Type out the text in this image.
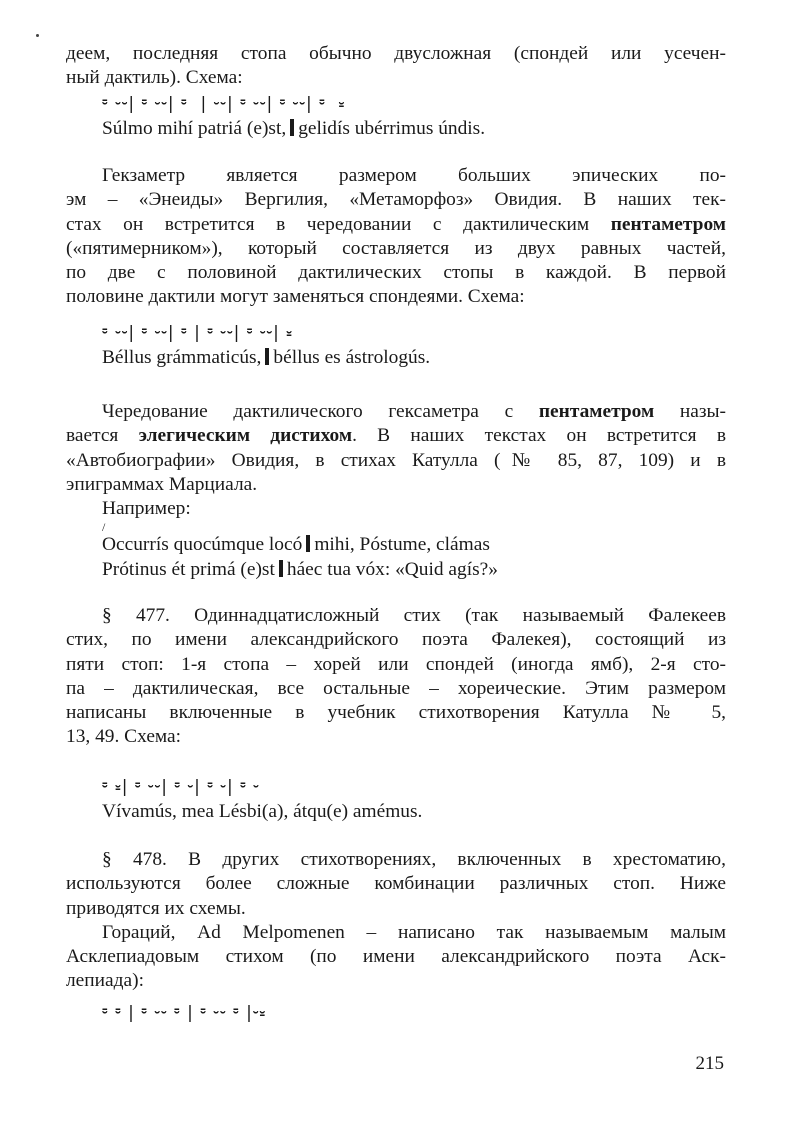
деем, последняя стопа обычно двусложная (спондей или усечен-

ный дактиль). Схема:

⏒ ⏑⏑| ⏒ ⏑⏑| ⏒  | ⏑⏑| ⏒ ⏑⏑| ⏒ ⏑⏑| ⏒  ⏓

Súlmo mihí patriá (e)st, gelidís ubérrimus úndis.

Гекзаметр является размером больших эпических по-

эм – «Энеиды» Вергилия, «Метаморфоз» Овидия. В наших тек-

стах он встретится в чередовании с дактилическим пентаметром

(«пятимерником»), который составляется из двух равных частей,

по две с половиной дактилических стопы в каждой. В первой

половине дактили могут заменяться спондеями. Схема:

⏒ ⏑⏑| ⏒ ⏑⏑| ⏒ | ⏒ ⏑⏑| ⏒ ⏑⏑| ⏓

Béllus grámmaticús, béllus es ástrologús.

Чередование дактилического гексаметра с пентаметром назы-

вается элегическим дистихом. В наших текстах он встретится в

«Автобиографии» Овидия, в стихах Катулла (№ 85, 87, 109) и в

эпиграммах Марциала.

Например:

/

Occurrís quocúmque locó mihi, Póstume, clámas

Prótinus ét primá (e)st háec tua vóx: «Quid agís?»

§ 477. Одиннадцатисложный стих (так называемый Фалекеев

стих, по имени александрийского поэта Фалекея), состоящий из

пяти стоп: 1-я стопа – хорей или спондей (иногда ямб), 2-я сто-

па – дактилическая, все остальные – хореические. Этим размером

написаны включенные в учебник стихотворения Катулла № 5,

13, 49. Схема:

⏒ ⏓| ⏒ ⏑⏑| ⏒ ⏑| ⏒ ⏑| ⏒ ⏑

Vívamús, mea Lésbi(a), átqu(e) amémus.

§ 478. В других стихотворениях, включенных в хрестоматию,

используются более сложные комбинации различных стоп. Ниже

приводятся их схемы.

Гораций, Ad Melpomenen – написано так называемым малым

Асклепиадовым стихом (по имени александрийского поэта Аск-

лепиада):

⏒ ⏒ | ⏒ ⏑⏑ ⏒ | ⏒ ⏑⏑ ⏒ |⏑⏓
215
